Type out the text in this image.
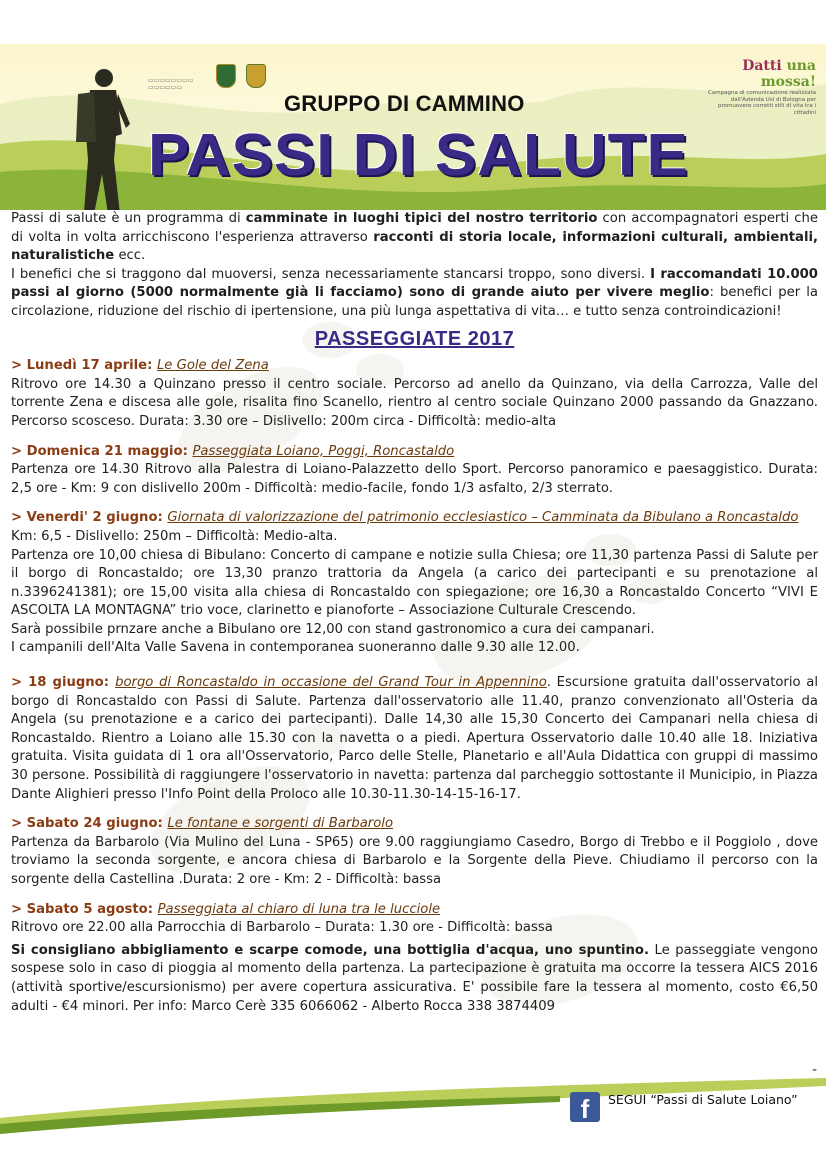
▭▭▭▭▭▭▭▭
▭▭▭▭▭▭
Datti una mossa!
Campagna di comunicazione realizzata dall'Azienda Usl di Bologna per promuovere corretti stili di vita tra i cittadini
GRUPPO DI CAMMINO
PASSI DI SALUTE

Passi di salute è un programma di camminate in luoghi tipici del nostro territorio con accompagnatori esperti che di volta in volta arricchiscono l'esperienza attraverso racconti di storia locale, informazioni culturali, ambientali, naturalistiche ecc.

I benefici che si traggono dal muoversi, senza necessariamente stancarsi troppo, sono diversi. I raccomandati 10.000 passi al giorno (5000 normalmente già li facciamo) sono di grande aiuto per vivere meglio: benefici per la circolazione, riduzione del rischio di ipertensione, una più lunga aspettativa di vita… e tutto senza controindicazioni!

PASSEGGIATE 2017
> Lunedì 17 aprile: Le Gole del Zena

Ritrovo ore 14.30 a Quinzano presso il centro sociale. Percorso ad anello da Quinzano, via della Carrozza, Valle del torrente Zena e discesa alle gole, risalita fino Scanello, rientro al centro sociale Quinzano 2000 passando da Gnazzano. Percorso scosceso. Durata: 3.30 ore – Dislivello: 200m circa - Difficoltà: medio-alta

> Domenica 21 maggio: Passeggiata Loiano, Poggi, Roncastaldo

Partenza ore 14.30 Ritrovo alla Palestra di Loiano-Palazzetto dello Sport. Percorso panoramico e paesaggistico. Durata: 2,5 ore - Km: 9 con dislivello 200m - Difficoltà: medio-facile, fondo 1/3 asfalto, 2/3 sterrato.

> Venerdi' 2 giugno: Giornata di valorizzazione del patrimonio ecclesiastico – Camminata da Bibulano a Roncastaldo

Km: 6,5 - Dislivello: 250m – Difficoltà: Medio-alta.

Partenza ore 10,00 chiesa di Bibulano: Concerto di campane e notizie sulla Chiesa; ore 11,30 partenza Passi di Salute per il borgo di Roncastaldo; ore 13,30 pranzo trattoria da Angela (a carico dei partecipanti e su prenotazione al n.3396241381); ore 15,00 visita alla chiesa di Roncastaldo con spiegazione; ore 16,30 a Roncastaldo Concerto “VIVI E ASCOLTA LA MONTAGNA” trio voce, clarinetto e pianoforte – Associazione Culturale Crescendo.

Sarà possibile prnzare anche a Bibulano ore 12,00 con stand gastronomico a cura dei campanari.

I campanili dell'Alta Valle Savena in contemporanea suoneranno dalle 9.30 alle 12.00.

> 18 giugno: borgo di Roncastaldo in occasione del Grand Tour in Appennino. Escursione gratuita dall'osservatorio al borgo di Roncastaldo con Passi di Salute. Partenza dall'osservatorio alle 11.40, pranzo convenzionato all'Osteria da Angela (su prenotazione e a carico dei partecipanti). Dalle 14,30 alle 15,30 Concerto dei Campanari nella chiesa di Roncastaldo. Rientro a Loiano alle 15.30 con la navetta o a piedi. Apertura Osservatorio dalle 10.40 alle 18. Iniziativa gratuita. Visita guidata di 1 ora all'Osservatorio, Parco delle Stelle, Planetario e all'Aula Didattica con gruppi di massimo 30 persone. Possibilità di raggiungere l'osservatorio in navetta: partenza dal parcheggio sottostante il Municipio, in Piazza Dante Alighieri presso l'Info Point della Proloco alle 10.30-11.30-14-15-16-17.

> Sabato 24 giugno: Le fontane e sorgenti di Barbarolo

Partenza da Barbarolo (Via Mulino del Luna - SP65) ore 9.00 raggiungiamo Casedro, Borgo di Trebbo e il Poggiolo , dove troviamo la seconda sorgente, e ancora chiesa di Barbarolo e la Sorgente della Pieve. Chiudiamo il percorso con la sorgente della Castellina .Durata: 2 ore - Km: 2 - Difficoltà: bassa

> Sabato 5 agosto: Passeggiata al chiaro di luna tra le lucciole

Ritrovo ore 22.00 alla Parrocchia di Barbarolo – Durata: 1.30 ore - Difficoltà: bassa

Si consigliano abbigliamento e scarpe comode, una bottiglia d'acqua, uno spuntino. Le passeggiate vengono sospese solo in caso di pioggia al momento della partenza. La partecipazione è gratuita ma occorre la tessera AICS 2016 (attività sportive/escursionismo) per avere copertura assicurativa. E' possibile fare la tessera al momento, costo €6,50 adulti - €4 minori. Per info: Marco Cerè 335 6066062 - Alberto Rocca 338 3874409

-
f	SEGUI “Passi di Salute Loiano”
